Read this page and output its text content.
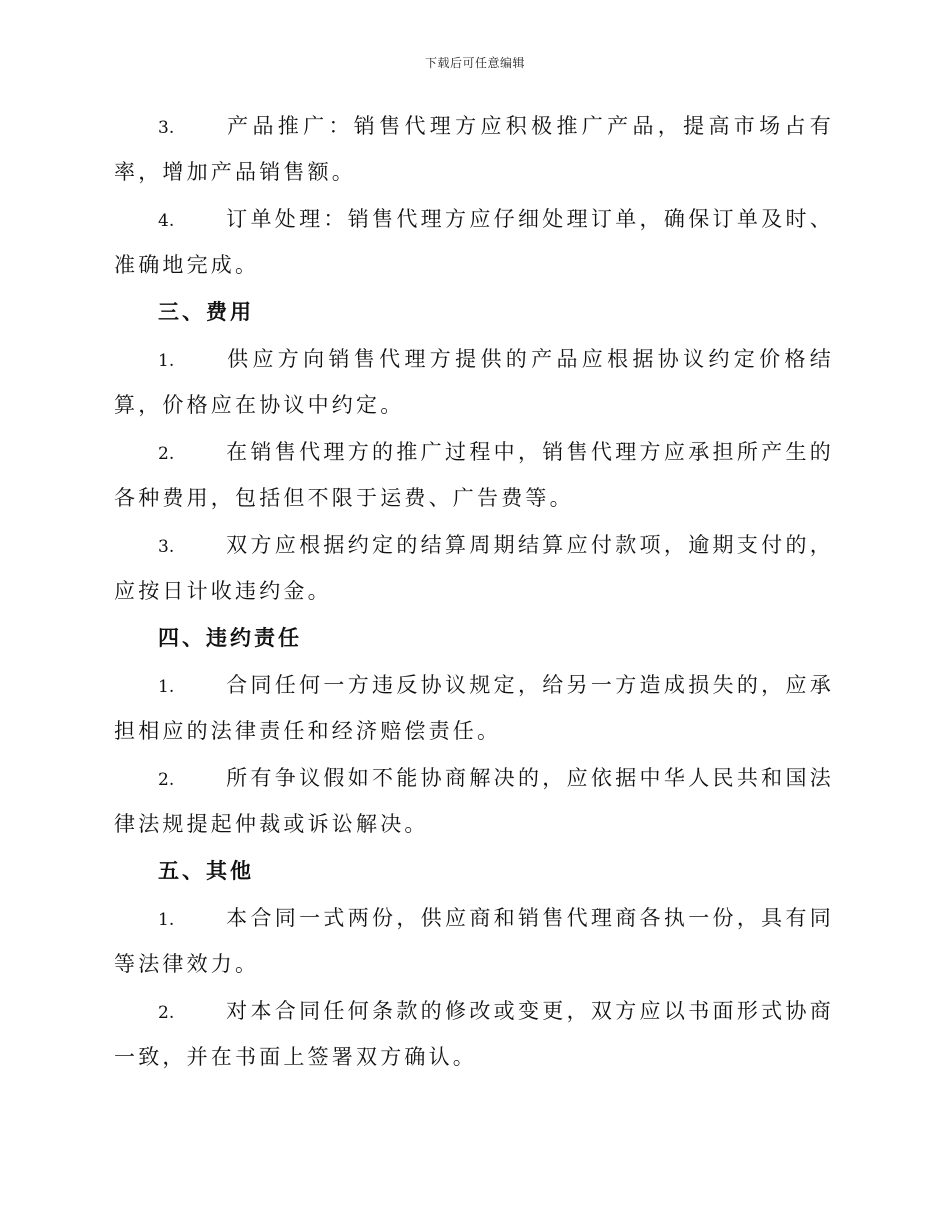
下载后可任意编辑

3. 产品推广：销售代理方应积极推广产品，提高市场占有率，增加产品销售额。

4. 订单处理：销售代理方应仔细处理订单，确保订单及时、准确地完成。

三、费用

1. 供应方向销售代理方提供的产品应根据协议约定价格结算，价格应在协议中约定。

2. 在销售代理方的推广过程中，销售代理方应承担所产生的各种费用，包括但不限于运费、广告费等。

3. 双方应根据约定的结算周期结算应付款项，逾期支付的，应按日计收违约金。

四、违约责任

1. 合同任何一方违反协议规定，给另一方造成损失的，应承担相应的法律责任和经济赔偿责任。

2. 所有争议假如不能协商解决的，应依据中华人民共和国法律法规提起仲裁或诉讼解决。

五、其他

1. 本合同一式两份，供应商和销售代理商各执一份，具有同等法律效力。

2. 对本合同任何条款的修改或变更，双方应以书面形式协商一致，并在书面上签署双方确认。
